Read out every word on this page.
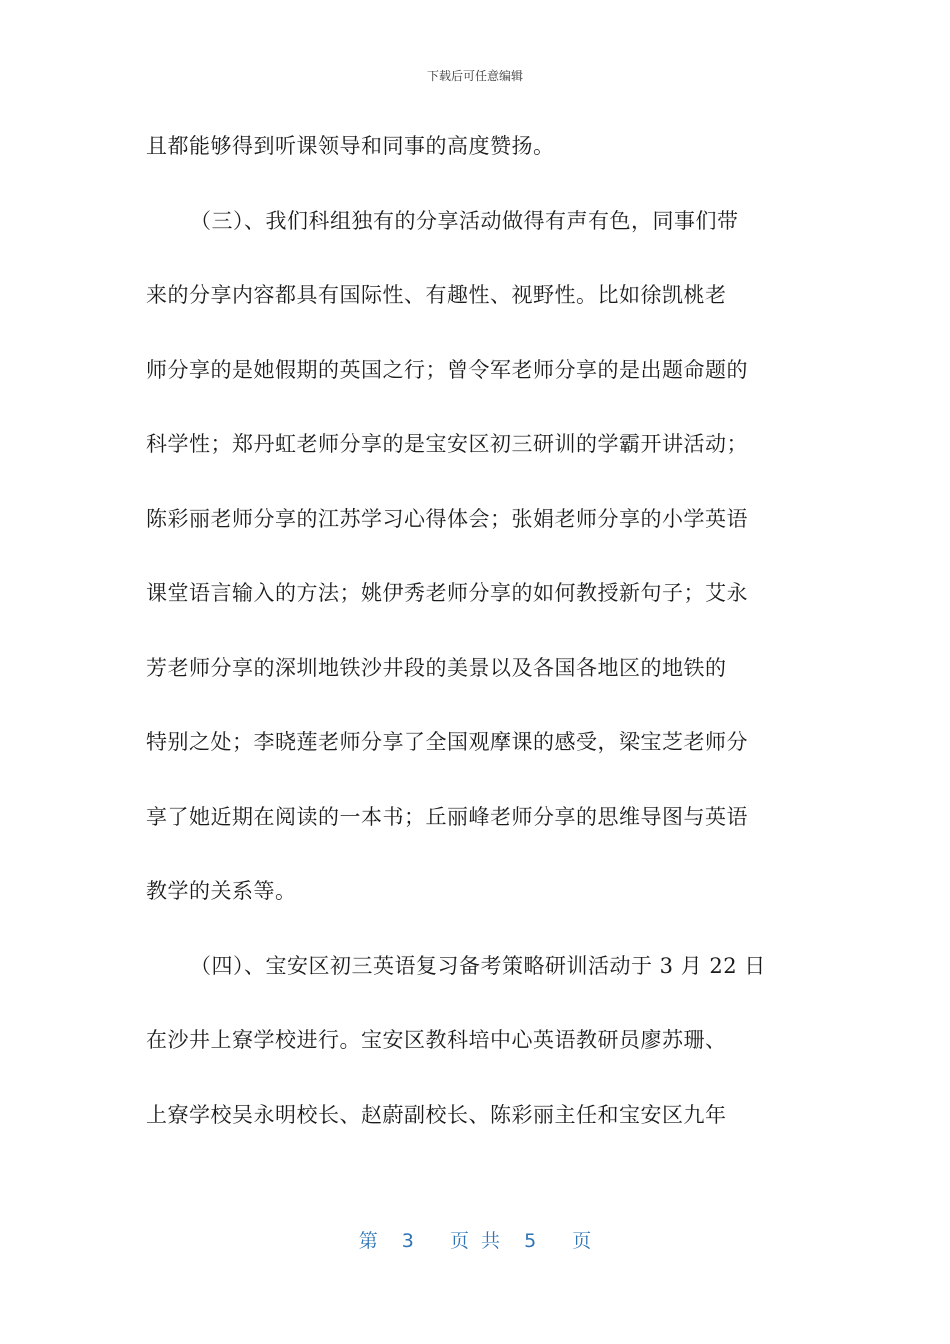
下载后可任意编辑
且都能够得到听课领导和同事的高度赞扬。
（三）、我们科组独有的分享活动做得有声有色，同事们带
来的分享内容都具有国际性、有趣性、视野性。比如徐凯桃老
师分享的是她假期的英国之行；曾令军老师分享的是出题命题的
科学性；郑丹虹老师分享的是宝安区初三研训的学霸开讲活动；
陈彩丽老师分享的江苏学习心得体会；张娟老师分享的小学英语
课堂语言输入的方法；姚伊秀老师分享的如何教授新句子；艾永
芳老师分享的深圳地铁沙井段的美景以及各国各地区的地铁的
特别之处；李晓莲老师分享了全国观摩课的感受，梁宝芝老师分
享了她近期在阅读的一本书；丘丽峰老师分享的思维导图与英语
教学的关系等。
（四）、宝安区初三英语复习备考策略研训活动于 3 月 22 日
在沙井上寮学校进行。宝安区教科培中心英语教研员廖苏珊、
上寮学校吴永明校长、赵蔚副校长、陈彩丽主任和宝安区九年
第  3   页 共  5   页
